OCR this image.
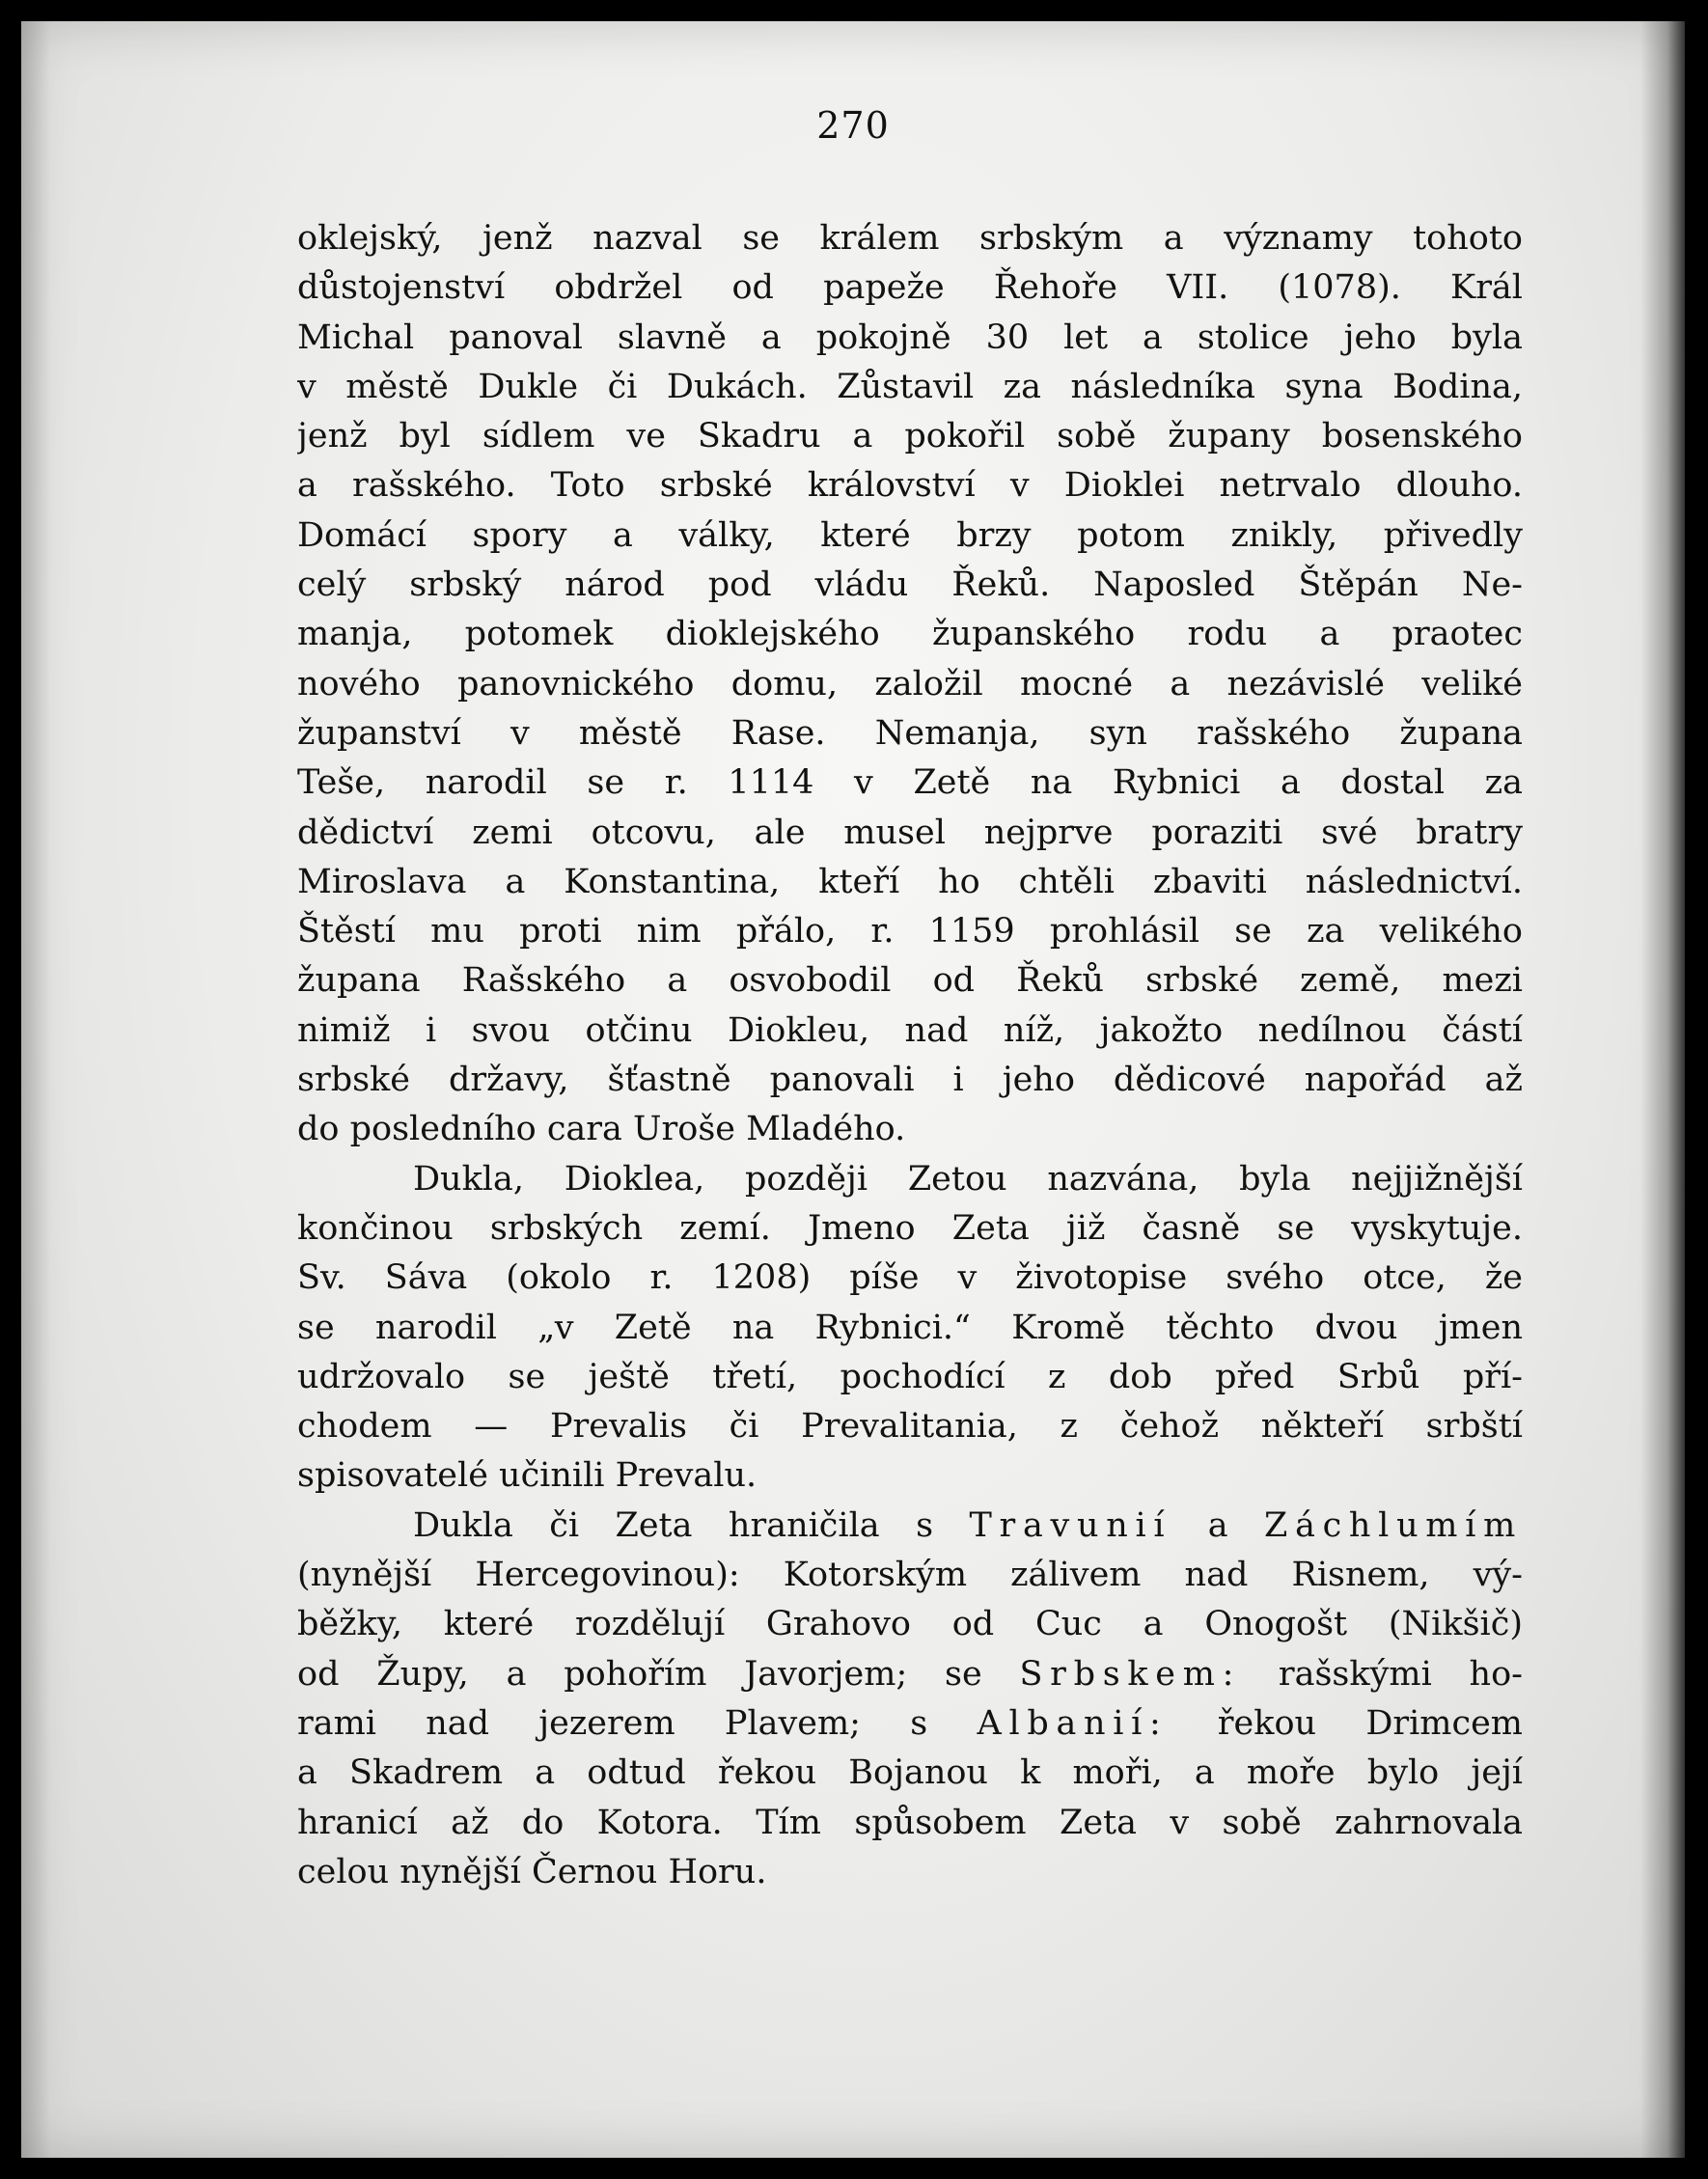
270
oklejský, jenž nazval se králem srbským a významy tohoto
důstojenství obdržel od papeže Řehoře VII. (1078). Král
Michal panoval slavně a pokojně 30 let a stolice jeho byla
v městě Dukle či Dukách. Zůstavil za následníka syna Bodina,
jenž byl sídlem ve Skadru a pokořil sobě župany bosenského
a rašského. Toto srbské království v Dioklei netrvalo dlouho.
Domácí spory a války, které brzy potom znikly, přivedly
celý srbský národ pod vládu Řeků. Naposled Štěpán Ne-
manja, potomek dioklejského županského rodu a praotec
nového panovnického domu, založil mocné a nezávislé veliké
županství v městě Rase. Nemanja, syn rašského župana
Teše, narodil se r. 1114 v Zetě na Rybnici a dostal za
dědictví zemi otcovu, ale musel nejprve poraziti své bratry
Miroslava a Konstantina, kteří ho chtěli zbaviti následnictví.
Štěstí mu proti nim přálo, r. 1159 prohlásil se za velikého
župana Rašského a osvobodil od Řeků srbské země, mezi
nimiž i svou otčinu Diokleu, nad níž, jakožto nedílnou částí
srbské državy, šťastně panovali i jeho dědicové napořád až
do posledního cara Uroše Mladého.
Dukla, Dioklea, později Zetou nazvána, byla nejjižnější
končinou srbských zemí. Jmeno Zeta již časně se vyskytuje.
Sv. Sáva (okolo r. 1208) píše v životopise svého otce, že
se narodil „v Zetě na Rybnici.“ Kromě těchto dvou jmen
udržovalo se ještě třetí, pochodící z dob před Srbů pří-
chodem — Prevalis či Prevalitania, z čehož někteří srbští
spisovatelé učinili Prevalu.
Dukla či Zeta hraničila s Travunií a Záchlumím
(nynější Hercegovinou): Kotorským zálivem nad Risnem, vý-
běžky, které rozdělují Grahovo od Cuc a Onogošt (Nikšič)
od Župy, a pohořím Javorjem; se Srbskem: rašskými ho-
rami nad jezerem Plavem; s Albanií: řekou Drimcem
a Skadrem a odtud řekou Bojanou k moři, a moře bylo její
hranicí až do Kotora. Tím spůsobem Zeta v sobě zahrnovala
celou nynější Černou Horu.
